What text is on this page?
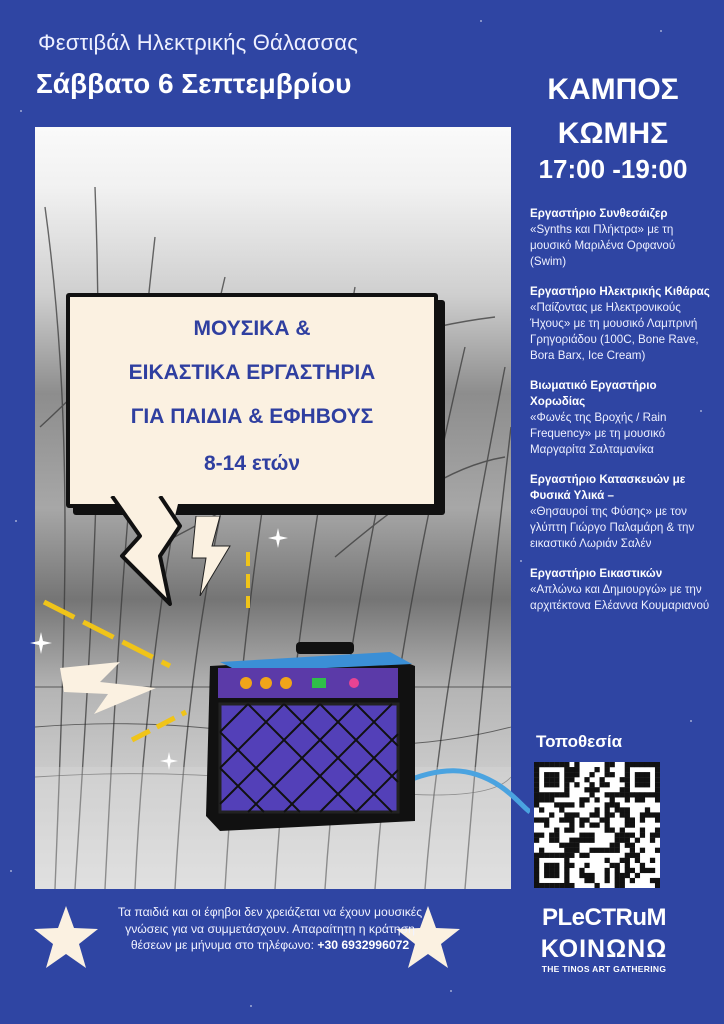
Φεστιβάλ Ηλεκτρικής Θάλασσας
Σάββατο 6 Σεπτεμβρίου	ΚΑΜΠΟΣ
ΚΩΜΗΣ
17:00 -19:00
ΜΟΥΣΙΚΑ &
ΕΙΚΑΣΤΙΚΑ ΕΡΓΑΣΤΗΡΙΑ
ΓΙΑ ΠΑΙΔΙΑ & ΕΦΗΒΟΥΣ
8-14 ετών
Εργαστήριο Συνθεσάιζερ
«Synths και Πλήκτρα» με τη μουσικό Μαριλένα Ορφανού (Swim)
Εργαστήριο Ηλεκτρικής Κιθάρας
«Παίζοντας με Ηλεκτρονικούς Ήχους» με τη μουσικό Λαμπρινή Γρηγοριάδου (100C, Bone Rave, Bora Barx, Ice Cream)
Βιωματικό Εργαστήριο Χορωδίας
«Φωνές της Βροχής / Rain Frequency» με τη μουσικό Μαργαρίτα Σαλταμανίκα
Εργαστήριο Κατασκευών με Φυσικά Υλικά –
«Θησαυροί της Φύσης» με τον γλύπτη Γιώργο Παλαμάρη & την εικαστικό Λωριάν Σαλέν
Εργαστήριο Εικαστικών
«Απλώνω και Δημιουργώ» με την αρχιτέκτονα Ελέαννα Κουμαριανού
Τοποθεσία
PLeCTRuM
ΚΟΙΝΩΝΩ
THE TINOS ART GATHERING
Τα παιδιά και οι έφηβοι δεν χρειάζεται να έχουν μουσικές γνώσεις για να συμμετάσχουν. Απαραίτητη η κράτηση θέσεων με μήνυμα στο τηλέφωνο: +30 6932996072
